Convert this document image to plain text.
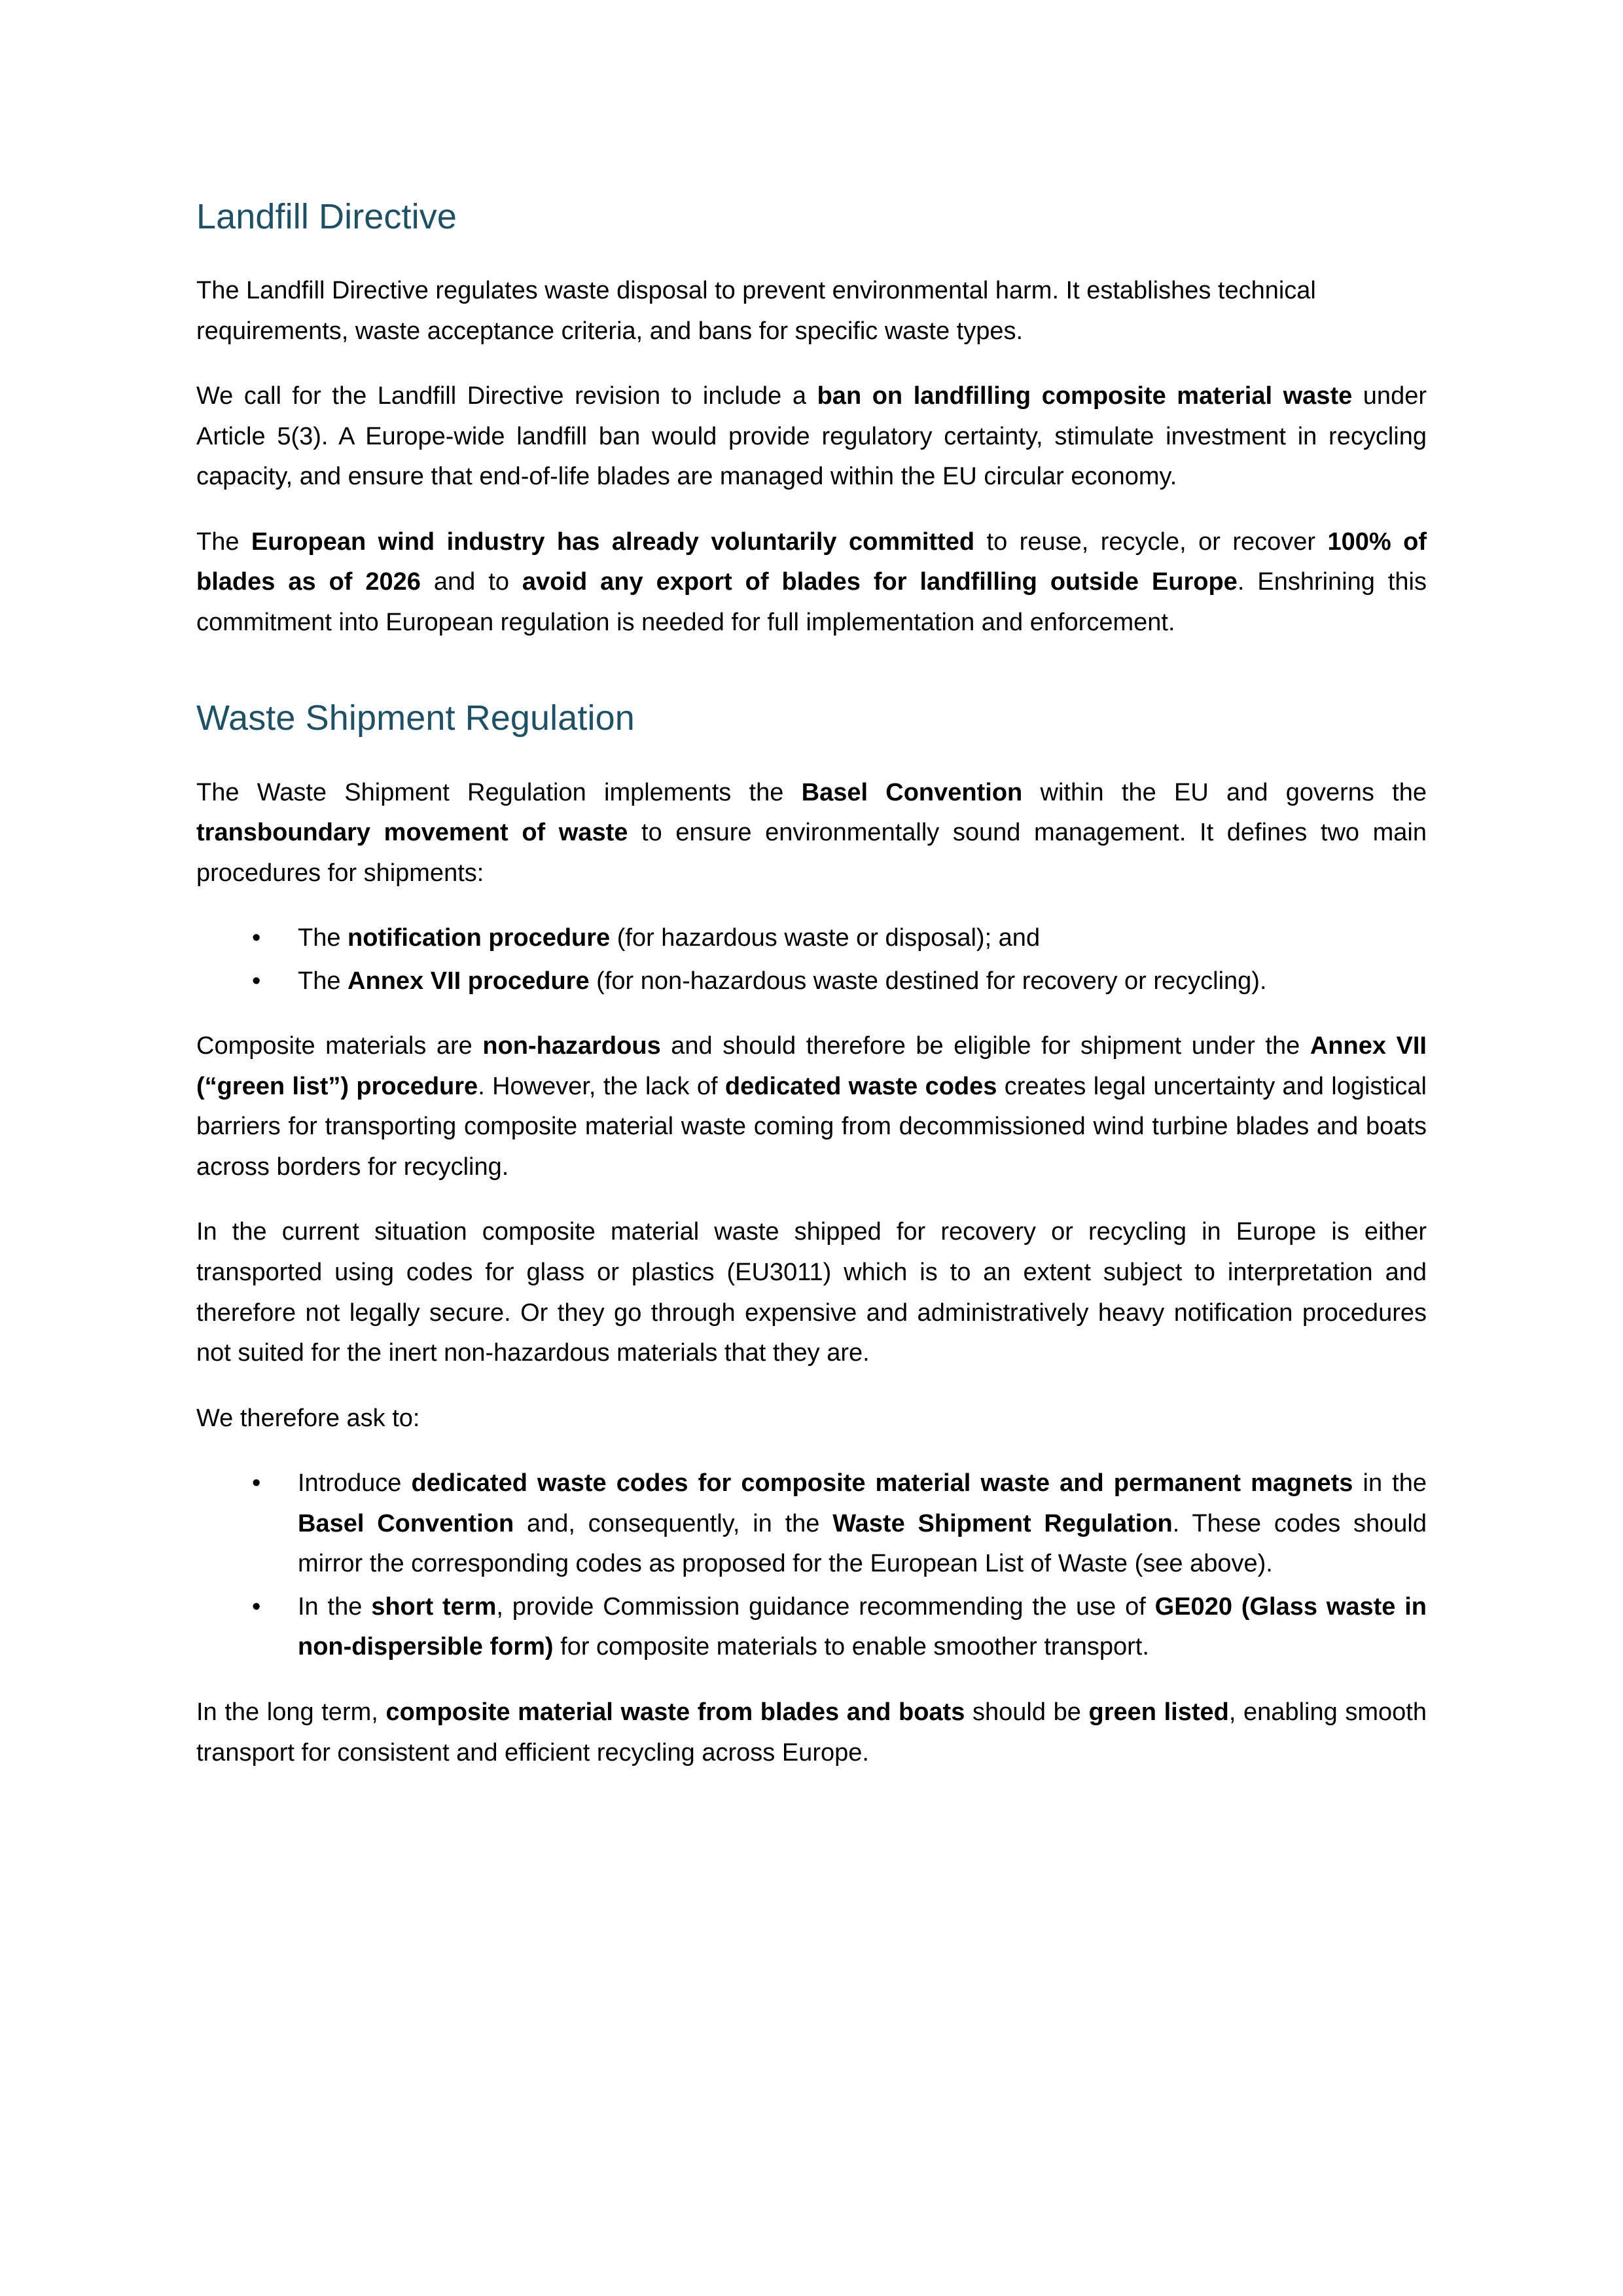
Landfill Directive

The Landfill Directive regulates waste disposal to prevent environmental harm. It establishes technical requirements, waste acceptance criteria, and bans for specific waste types.

We call for the Landfill Directive revision to include a ban on landfilling composite material waste under Article 5(3). A Europe-wide landfill ban would provide regulatory certainty, stimulate investment in recycling capacity, and ensure that end-of-life blades are managed within the EU circular economy.

The European wind industry has already voluntarily committed to reuse, recycle, or recover 100% of blades as of 2026 and to avoid any export of blades for landfilling outside Europe. Enshrining this commitment into European regulation is needed for full implementation and enforcement.

Waste Shipment Regulation

The Waste Shipment Regulation implements the Basel Convention within the EU and governs the transboundary movement of waste to ensure environmentally sound management. It defines two main procedures for shipments:

• The notification procedure (for hazardous waste or disposal); and
• The Annex VII procedure (for non-hazardous waste destined for recovery or recycling).

Composite materials are non-hazardous and should therefore be eligible for shipment under the Annex VII (“green list”) procedure. However, the lack of dedicated waste codes creates legal uncertainty and logistical barriers for transporting composite material waste coming from decommissioned wind turbine blades and boats across borders for recycling.

In the current situation composite material waste shipped for recovery or recycling in Europe is either transported using codes for glass or plastics (EU3011) which is to an extent subject to interpretation and therefore not legally secure. Or they go through expensive and administratively heavy notification procedures not suited for the inert non-hazardous materials that they are.

We therefore ask to:

• Introduce dedicated waste codes for composite material waste and permanent magnets in the Basel Convention and, consequently, in the Waste Shipment Regulation. These codes should mirror the corresponding codes as proposed for the European List of Waste (see above).
• In the short term, provide Commission guidance recommending the use of GE020 (Glass waste in non-dispersible form) for composite materials to enable smoother transport.

In the long term, composite material waste from blades and boats should be green listed, enabling smooth transport for consistent and efficient recycling across Europe.
